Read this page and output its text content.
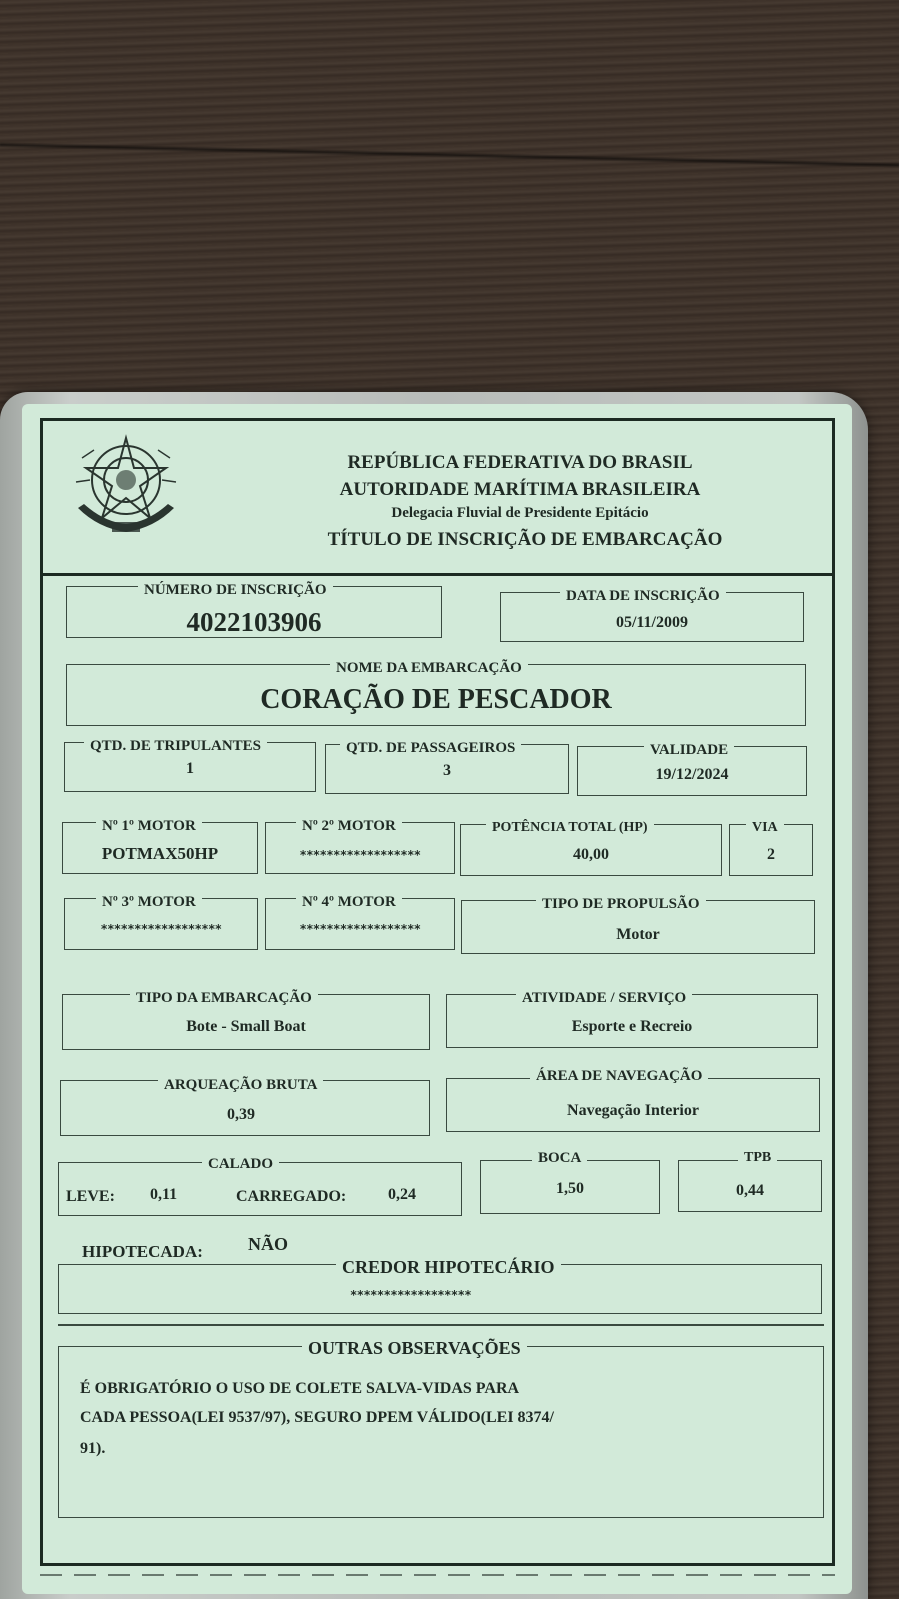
REPÚBLICA FEDERATIVA DO BRASIL
AUTORIDADE MARÍTIMA BRASILEIRA
Delegacia Fluvial de Presidente Epitácio
TÍTULO DE INSCRIÇÃO DE EMBARCAÇÃO
NÚMERO DE INSCRIÇÃO
4022103906
DATA DE INSCRIÇÃO
05/11/2009
NOME DA EMBARCAÇÃO
CORAÇÃO DE PESCADOR
QTD. DE TRIPULANTES
1
QTD. DE PASSAGEIROS
3
VALIDADE
19/12/2024
Nº 1º MOTOR
POTMAX50HP
Nº 2º MOTOR
******************
POTÊNCIA TOTAL (HP)
40,00
VIA
2
Nº 3º MOTOR
******************
Nº 4º MOTOR
******************
TIPO DE PROPULSÃO
Motor
TIPO DA EMBARCAÇÃO
Bote - Small Boat
ATIVIDADE / SERVIÇO
Esporte e Recreio
ARQUEAÇÃO BRUTA
0,39
ÁREA DE NAVEGAÇÃO
Navegação Interior
CALADO
LEVE: 0,11	CARREGADO:	0,24
BOCA
1,50
TPB
0,44
HIPOTECADA:	NÃO
CREDOR HIPOTECÁRIO
******************
OUTRAS OBSERVAÇÕES
É OBRIGATÓRIO O USO DE COLETE SALVA-VIDAS PARA
CADA PESSOA(LEI 9537/97), SEGURO DPEM VÁLIDO(LEI 8374/
91).
